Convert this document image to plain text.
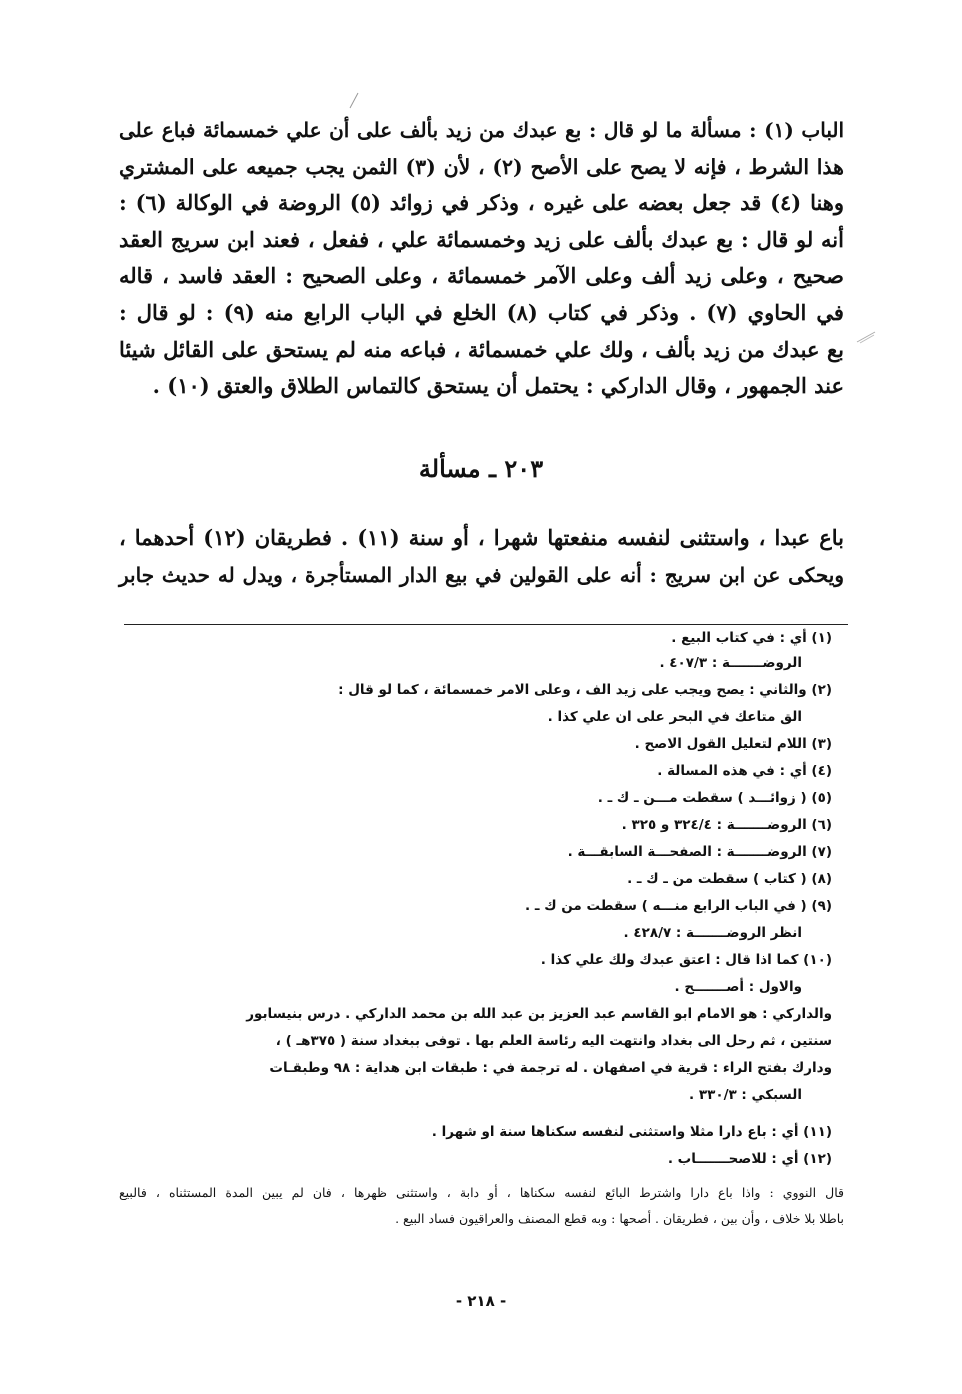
الباب (١) : مسألة ما لو قال : بع عبدك من زيد بألف على أن علي خمسمائة فباع على
هذا الشرط ، فإنه لا يصح على الأصح (٢) ، لأن (٣) الثمن يجب جميعه على المشتري
وهنا (٤) قد جعل بعضه على غيره ، وذكر في زوائد (٥) الروضة في الوكالة (٦) :
أنه لو قال : بع عبدك بألف على زيد وخمسمائة علي ، ففعل ، فعند ابن سريج العقد
صحيح ، وعلى زيد ألف وعلى الآمر خمسمائة ، وعلى الصحيح : العقد فاسد ، قاله
في الحاوي (٧) . وذكر في كتاب (٨) الخلع في الباب الرابع منه (٩) : لو قال :
بع عبدك من زيد بألف ، ولك علي خمسمائة ، فباعه منه لم يستحق على القائل شيئا
عند الجمهور ، وقال الداركي : يحتمل أن يستحق كالتماس الطلاق والعتق (١٠) .
٢٠٣ ـ مسألة
باع عبدا ، واستثنى لنفسه منفعتها شهرا ، أو سنة (١١) . فطريقان (١٢) أحدهما ،
ويحكى عن ابن سريج : أنه على القولين في بيع الدار المستأجرة ، ويدل له حديث جابر
(١) أي : في كتاب البيع .
الروضـــــــة : ٤٠٧/٣ .
(٢) والثاني : يصح ويجب على زيد الف ، وعلى الامر خمسمائة ، كما لو قال :
الق متاعك في البحر على ان علي كذا .
(٣) اللام لتعليل القول الاصح .
(٤) أي : في هذه المسالة .
(٥) ( زوائـــد ) سقطت مـــن ـ ك ـ .
(٦) الروضـــــــة : ٣٢٤/٤ و ٣٢٥ .
(٧) الروضـــــــة : الصفحـــة السابقـــة .
(٨) ( كتاب ) سقطت من ـ ك ـ .
(٩) ( في الباب الرابع منـــه ) سقطت من ك ـ .
انظر الروضـــــــة : ٤٢٨/٧ .
(١٠) كما اذا قال : اعتق عبدك ولك علي كذا .
والاول : أصـــــــح .
والداركي : هو الامام ابو القاسم عبد العزيز بن عبد الله بن محمد الداركي . درس بنيسابور
سنتين ، ثم رحل الى بغداد وانتهت اليه رئاسة العلم بها . توفى ببغداد سنة ( ٣٧٥هـ ) ،
ودارك بفتح الراء : قرية في اصفهان . له ترجمة في : طبقات ابن هداية : ٩٨ وطبقـات
السبكي : ٣٣٠/٣ .
(١١) أي : باع دارا مثلا واستثنى لنفسه سكناها سنة او شهرا .
(١٢) أي : للاصحـــــــاب .
قال النووي : واذا باع دارا واشترط البائع لنفسه سكناها ، أو دابة ، واستثنى ظهرها ، فان لم يبين المدة المستثناه ، فالبيع
باطلا بلا خلاف ، وأن بين ، فطريقان . أصحها : وبه قطع المصنف والعراقيون فساد البيع .
- ٢١٨ -
